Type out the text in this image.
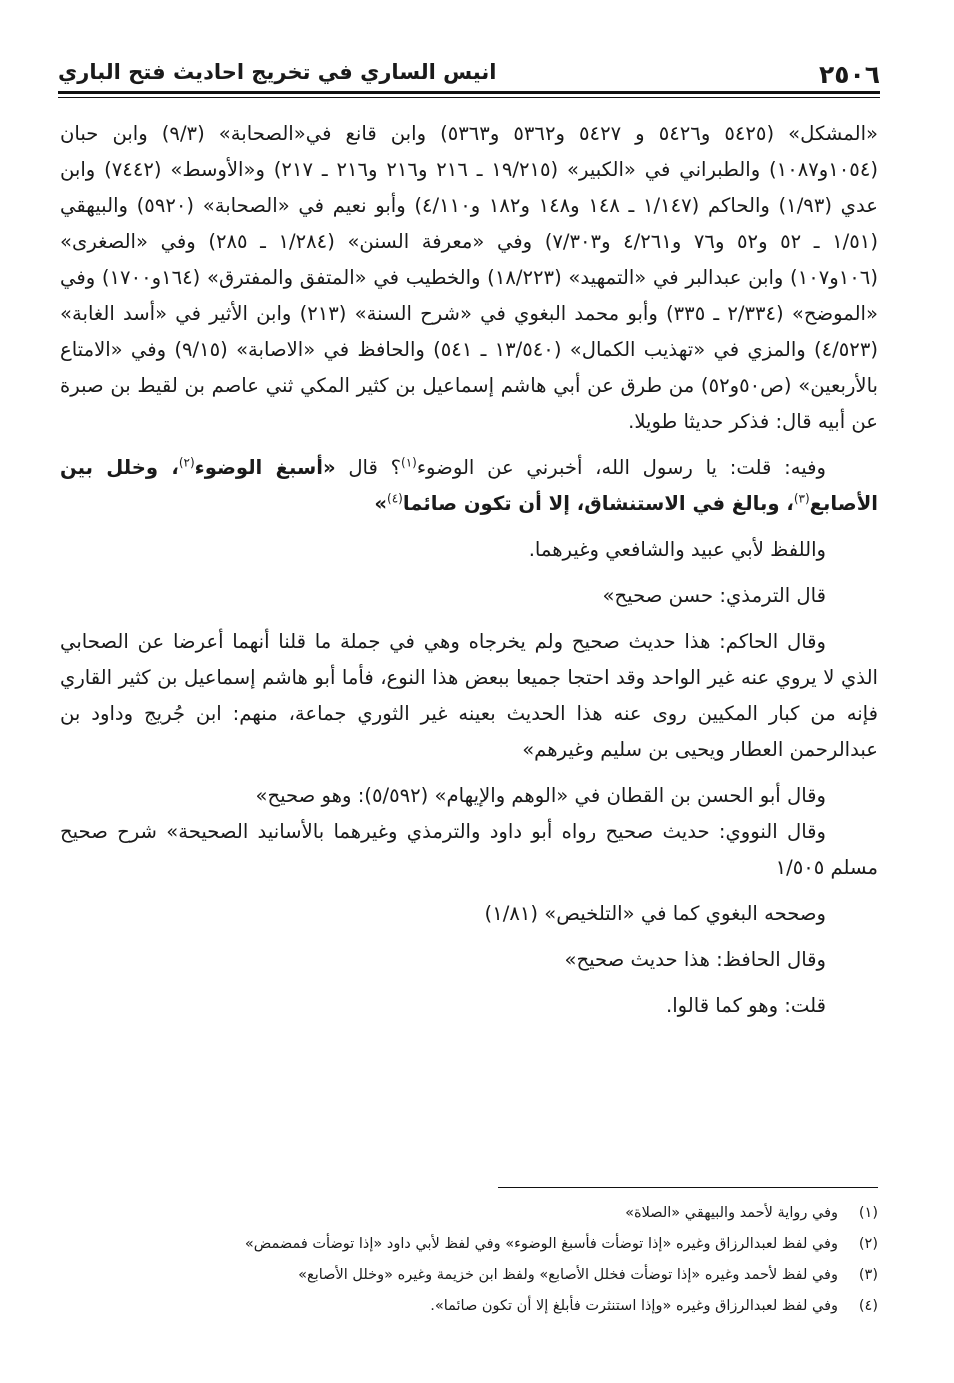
٢٥٠٦
انيس الساري في تخريج احاديث فتح الباري

«المشكل» (٥٤٢٥ و٥٤٢٦ و ٥٤٢٧ و٥٣٦٢ و٥٣٦٣) وابن قانع في«الصحابة» (٩/٣) وابن حبان (١٠٥٤و١٠٨٧) والطبراني في «الكبير» (١٩/٢١٥ ـ ٢١٦ و٢١٦ و٢١٦ ـ ٢١٧) و«الأوسط» (٧٤٤٢) وابن عدي (١/٩٣) والحاكم (١/١٤٧ ـ ١٤٨ و١٤٨ و١٨٢ و٤/١١٠) وأبو نعيم في «الصحابة» (٥٩٢٠) والبيهقي (١/٥١ ـ ٥٢ و٥٢ و٧٦ و٤/٢٦١ و٧/٣٠٣) وفي «معرفة السنن» (١/٢٨٤ ـ ٢٨٥) وفي «الصغرى» (١٠٦و١٠٧) وابن عبدالبر في «التمهيد» (١٨/٢٢٣) والخطيب في «المتفق والمفترق» (١٦٤و١٧٠٠) وفي «الموضح» (٢/٣٣٤ ـ ٣٣٥) وأبو محمد البغوي في «شرح السنة» (٢١٣) وابن الأثير في «أسد الغابة» (٤/٥٢٣) والمزي في «تهذيب الكمال» (١٣/٥٤٠ ـ ٥٤١) والحافظ في «الاصابة» (٩/١٥) وفي «الامتاع بالأربعين» (ص٥٠و٥٢) من طرق عن أبي هاشم إسماعيل بن كثير المكي ثني عاصم بن لقيط بن صبرة عن أبيه قال: فذكر حديثا طويلا.

وفيه: قلت: يا رسول الله، أخبرني عن الوضوء$^{(١)}$؟ قال «أسبغ الوضوء$^{(٢)}$، وخلل بين الأصابع$^{(٣)}$، وبالغ في الاستنشاق، إلا أن تكون صائما$^{(٤)}$»

واللفظ لأبي عبيد والشافعي وغيرهما.

قال الترمذي: حسن صحيح»

وقال الحاكم: هذا حديث صحيح ولم يخرجاه وهي في جملة ما قلنا أنهما أعرضا عن الصحابي الذي لا يروي عنه غير الواحد وقد احتجا جميعا ببعض هذا النوع، فأما أبو هاشم إسماعيل بن كثير القاري فإنه من كبار المكيين روى عنه هذا الحديث بعينه غير الثوري جماعة، منهم: ابن جُريج وداود بن عبدالرحمن العطار ويحيى بن سليم وغيرهم»

وقال أبو الحسن بن القطان في «الوهم والإيهام» (٥/٥٩٢): وهو صحيح»

وقال النووي: حديث صحيح رواه أبو داود والترمذي وغيرهما بالأسانيد الصحيحة» شرح صحيح مسلم ١/٥٠٥

وصححه البغوي كما في «التلخيص» (١/٨١)

وقال الحافظ: هذا حديث صحيح»

قلت: وهو كما قالوا.

(١)وفي رواية لأحمد والبيهقي «الصلاة»

(٢)وفي لفظ لعبدالرزاق وغيره «إذا توضأت فأسبغ الوضوء» وفي لفظ لأبي داود «إذا توضأت فمضمض»

(٣)وفي لفظ لأحمد وغيره «إذا توضأت فخلل الأصابع» ولفظ ابن خزيمة وغيره «وخلل الأصابع»

(٤)وفي لفظ لعبدالرزاق وغيره «وإذا استنثرت فأبلغ إلا أن تكون صائما».
